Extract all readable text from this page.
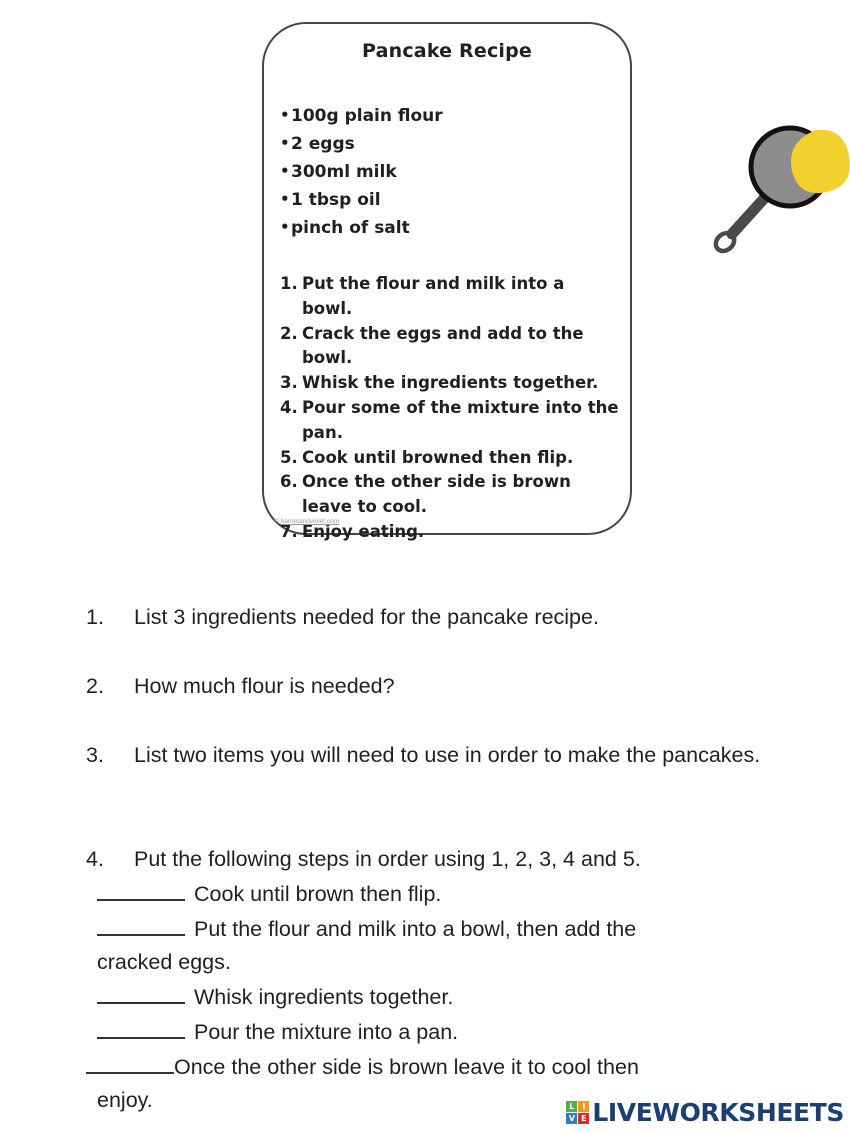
Pancake Recipe
• 100g plain flour
• 2 eggs
• 300ml milk
• 1 tbsp oil
• pinch of salt
1. Put the flour and milk into a bowl.
2. Crack the eggs and add to the bowl.
3. Whisk the ingredients together.
4. Pour some of the mixture into the pan.
5. Cook until browned then flip.
6. Once the other side is brown leave to cool.
7. Enjoy eating.
© harrietandviolet.com
1. List 3 ingredients needed for the pancake recipe.
2. How much flour is needed?
3. List two items you will need to use in order to make the pancakes.
4. Put the following steps in order using 1, 2, 3, 4 and 5.
Cook until brown then flip.
Put the flour and milk into a bowl, then add the
cracked eggs.
Whisk ingredients together.
Pour the mixture into a pan.
Once the other side is brown leave it to cool then
enjoy.	L I
V E LIVEWORKSHEETS
